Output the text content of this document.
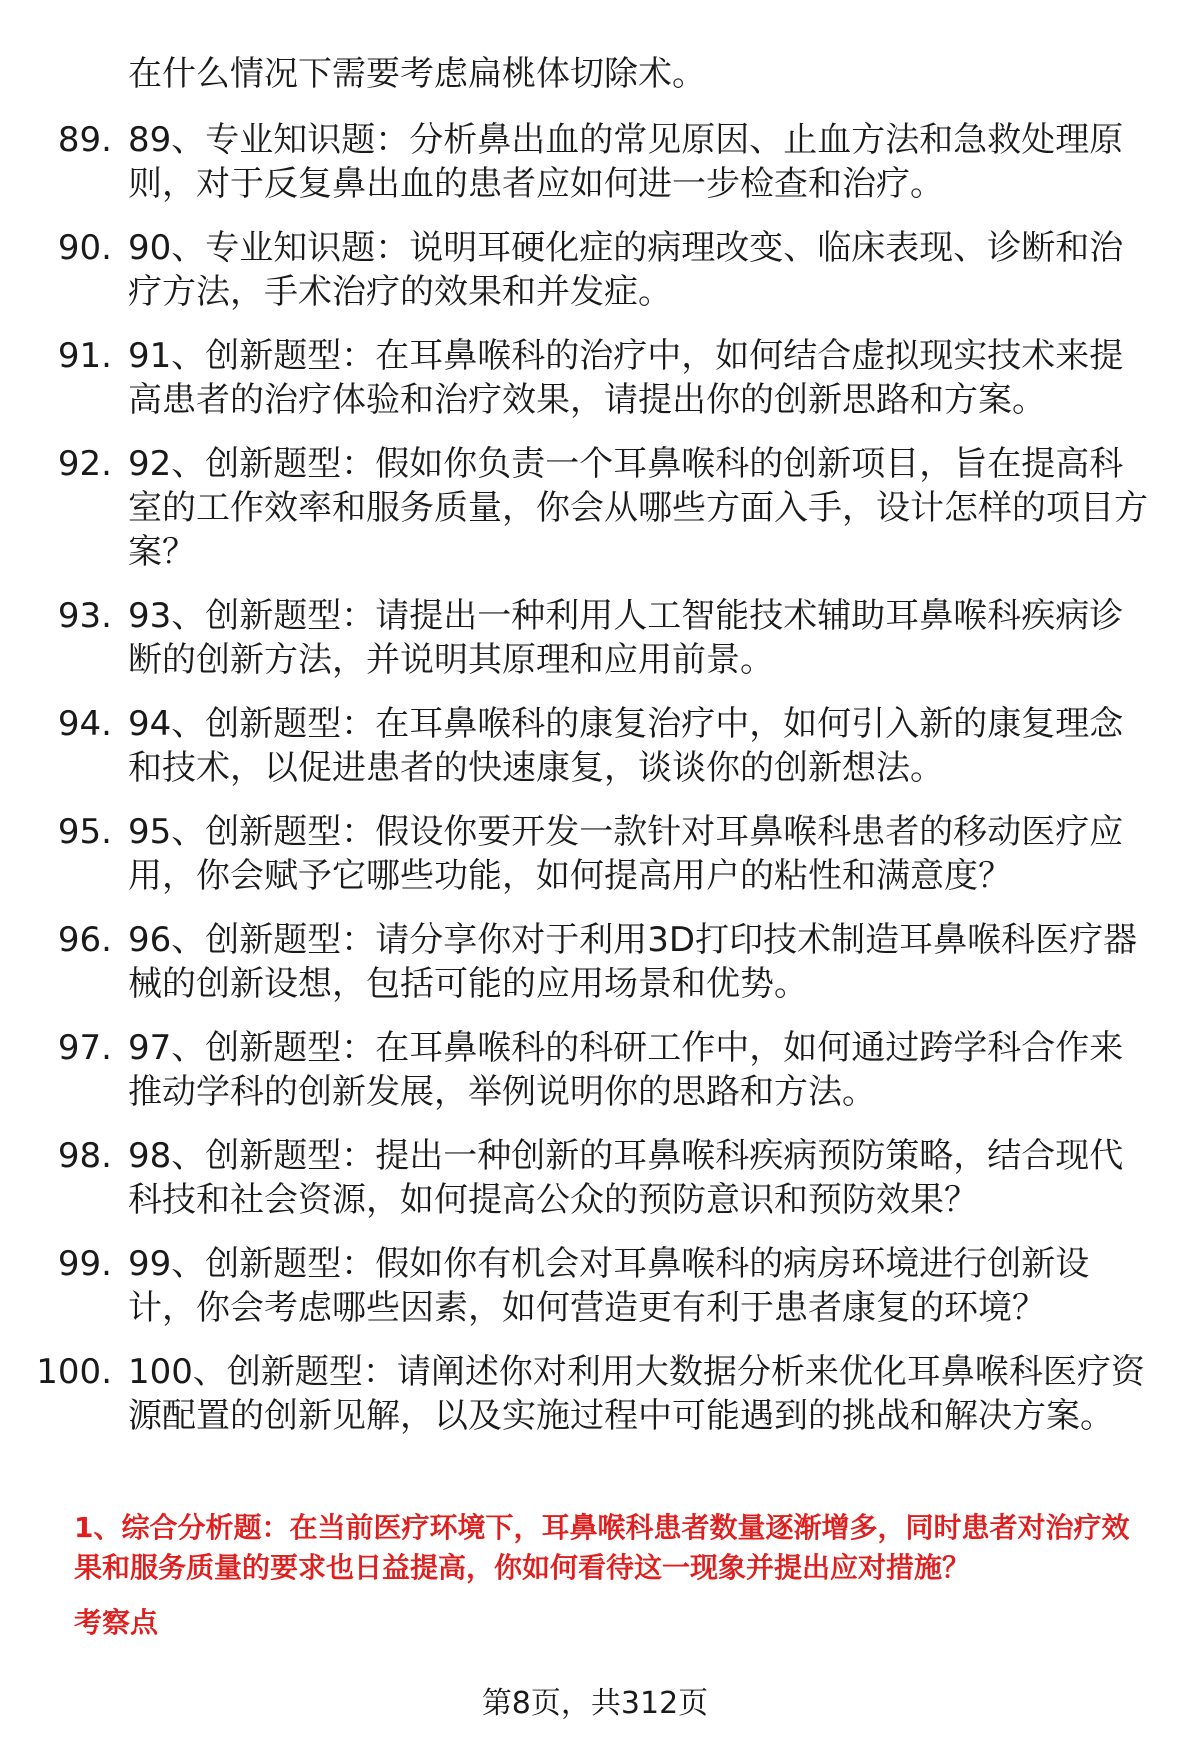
在什么情况下需要考虑扁桃体切除术。

89. 89、专业知识题：分析鼻出血的常见原因、止血方法和急救处理原则，对于反复鼻出血的患者应如何进一步检查和治疗。
90. 90、专业知识题：说明耳硬化症的病理改变、临床表现、诊断和治疗方法，手术治疗的效果和并发症。
91. 91、创新题型：在耳鼻喉科的治疗中，如何结合虚拟现实技术来提高患者的治疗体验和治疗效果，请提出你的创新思路和方案。
92. 92、创新题型：假如你负责一个耳鼻喉科的创新项目，旨在提高科室的工作效率和服务质量，你会从哪些方面入手，设计怎样的项目方案？
93. 93、创新题型：请提出一种利用人工智能技术辅助耳鼻喉科疾病诊断的创新方法，并说明其原理和应用前景。
94. 94、创新题型：在耳鼻喉科的康复治疗中，如何引入新的康复理念和技术，以促进患者的快速康复，谈谈你的创新想法。
95. 95、创新题型：假设你要开发一款针对耳鼻喉科患者的移动医疗应用，你会赋予它哪些功能，如何提高用户的粘性和满意度？
96. 96、创新题型：请分享你对于利用3D打印技术制造耳鼻喉科医疗器械的创新设想，包括可能的应用场景和优势。
97. 97、创新题型：在耳鼻喉科的科研工作中，如何通过跨学科合作来推动学科的创新发展，举例说明你的思路和方法。
98. 98、创新题型：提出一种创新的耳鼻喉科疾病预防策略，结合现代科技和社会资源，如何提高公众的预防意识和预防效果？
99. 99、创新题型：假如你有机会对耳鼻喉科的病房环境进行创新设计，你会考虑哪些因素，如何营造更有利于患者康复的环境？
100. 100、创新题型：请阐述你对利用大数据分析来优化耳鼻喉科医疗资源配置的创新见解，以及实施过程中可能遇到的挑战和解决方案。

1、综合分析题：在当前医疗环境下，耳鼻喉科患者数量逐渐增多，同时患者对治疗效果和服务质量的要求也日益提高，你如何看待这一现象并提出应对措施？

考察点

第8页，共312页
